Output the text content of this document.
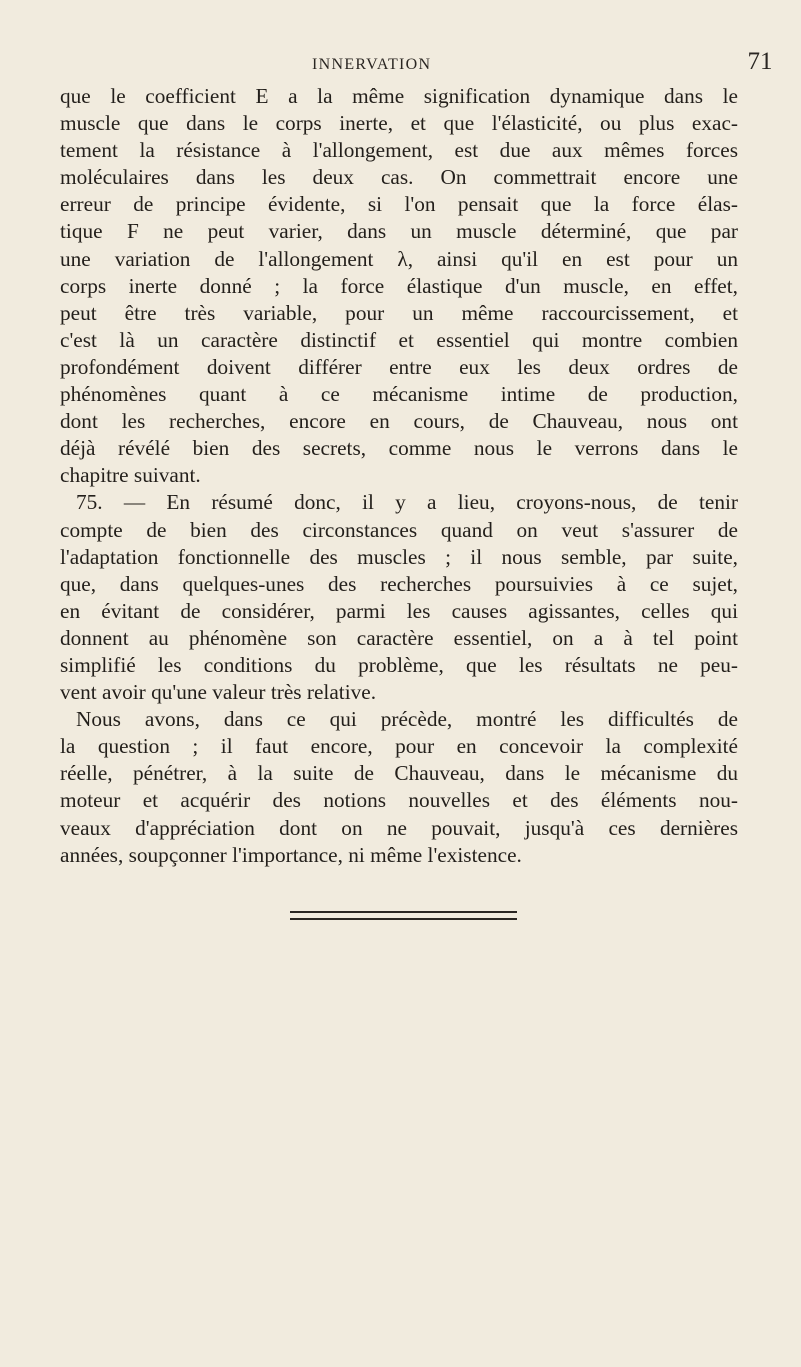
INNERVATION	71
que le coefficient E a la même signification dynamique dans le
muscle que dans le corps inerte, et que l'élasticité, ou plus exac-
tement la résistance à l'allongement, est due aux mêmes forces
moléculaires dans les deux cas. On commettrait encore une
erreur de principe évidente, si l'on pensait que la force élas-
tique F ne peut varier, dans un muscle déterminé, que par
une variation de l'allongement λ, ainsi qu'il en est pour un
corps inerte donné ; la force élastique d'un muscle, en effet,
peut être très variable, pour un même raccourcissement, et
c'est là un caractère distinctif et essentiel qui montre combien
profondément doivent différer entre eux les deux ordres de
phénomènes quant à ce mécanisme intime de production,
dont les recherches, encore en cours, de Chauveau, nous ont
déjà révélé bien des secrets, comme nous le verrons dans le
chapitre suivant.
75. — En résumé donc, il y a lieu, croyons-nous, de tenir
compte de bien des circonstances quand on veut s'assurer de
l'adaptation fonctionnelle des muscles ; il nous semble, par suite,
que, dans quelques-unes des recherches poursuivies à ce sujet,
en évitant de considérer, parmi les causes agissantes, celles qui
donnent au phénomène son caractère essentiel, on a à tel point
simplifié les conditions du problème, que les résultats ne peu-
vent avoir qu'une valeur très relative.
Nous avons, dans ce qui précède, montré les difficultés de
la question ; il faut encore, pour en concevoir la complexité
réelle, pénétrer, à la suite de Chauveau, dans le mécanisme du
moteur et acquérir des notions nouvelles et des éléments nou-
veaux d'appréciation dont on ne pouvait, jusqu'à ces dernières
années, soupçonner l'importance, ni même l'existence.
